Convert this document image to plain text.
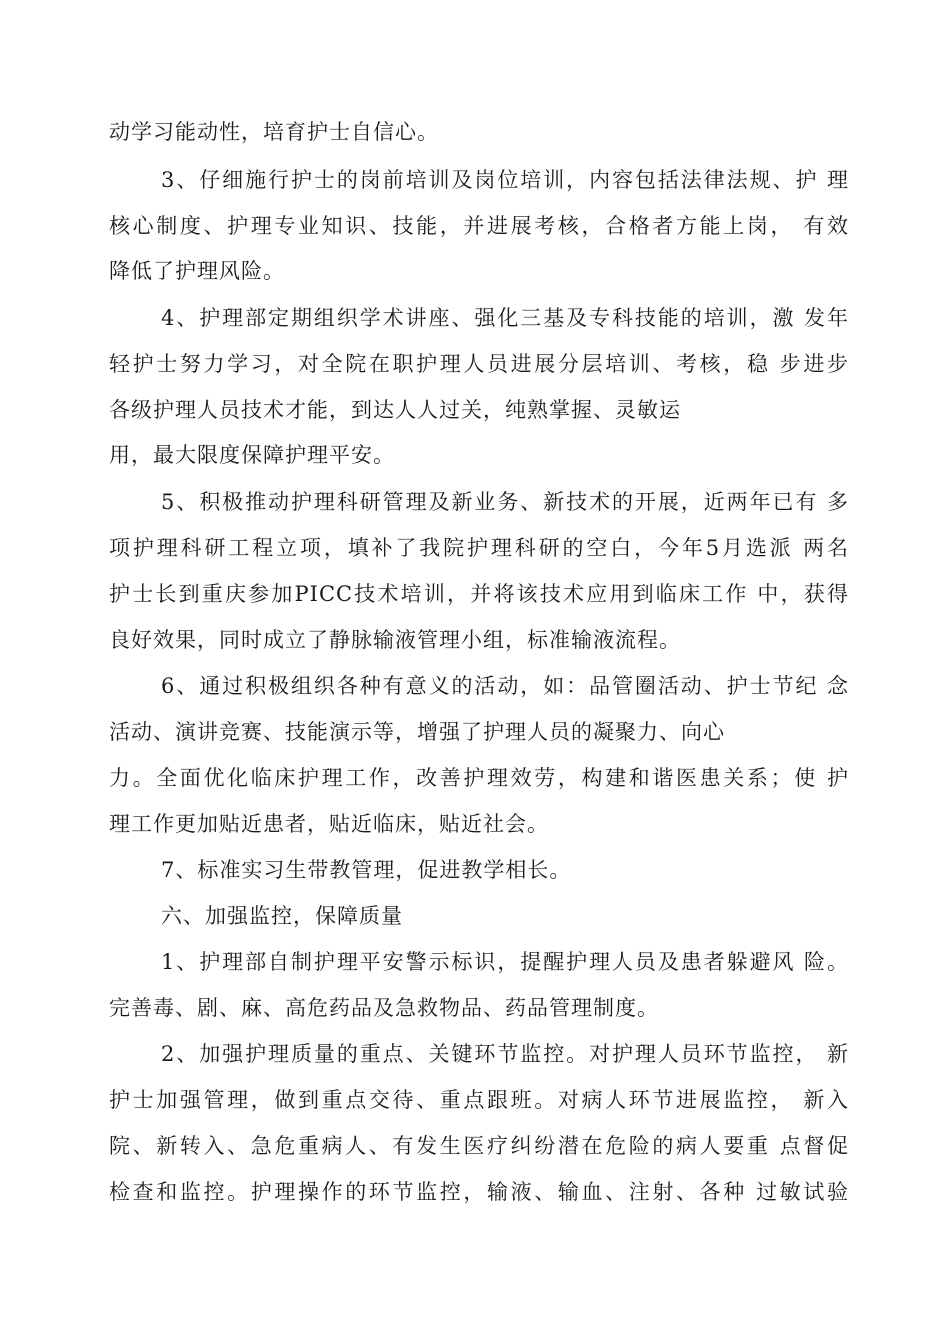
动学习能动性，培育护士自信心。
3、仔细施行护士的岗前培训及岗位培训，内容包括法律法规、护 理
核心制度、护理专业知识、技能，并进展考核，合格者方能上岗， 有效
降低了护理风险。
4、护理部定期组织学术讲座、强化三基及专科技能的培训，激 发年
轻护士努力学习，对全院在职护理人员进展分层培训、考核，稳 步进步
各级护理人员技术才能，到达人人过关，纯熟掌握、灵敏运
用，最大限度保障护理平安。
5、积极推动护理科研管理及新业务、新技术的开展，近两年已有 多
项护理科研工程立项，填补了我院护理科研的空白，今年5月选派 两名
护士长到重庆参加PICC技术培训，并将该技术应用到临床工作 中，获得
良好效果，同时成立了静脉输液管理小组，标准输液流程。
6、通过积极组织各种有意义的活动，如：品管圈活动、护士节纪 念
活动、演讲竞赛、技能演示等，增强了护理人员的凝聚力、向心
力。全面优化临床护理工作，改善护理效劳，构建和谐医患关系；使 护
理工作更加贴近患者，贴近临床，贴近社会。
7、标准实习生带教管理，促进教学相长。
六、加强监控，保障质量
1、护理部自制护理平安警示标识，提醒护理人员及患者躲避风 险。
完善毒、剧、麻、高危药品及急救物品、药品管理制度。
2、加强护理质量的重点、关键环节监控。对护理人员环节监控， 新
护士加强管理，做到重点交待、重点跟班。对病人环节进展监控， 新入
院、新转入、急危重病人、有发生医疗纠纷潜在危险的病人要重 点督促
检查和监控。护理操作的环节监控，输液、输血、注射、各种 过敏试验
